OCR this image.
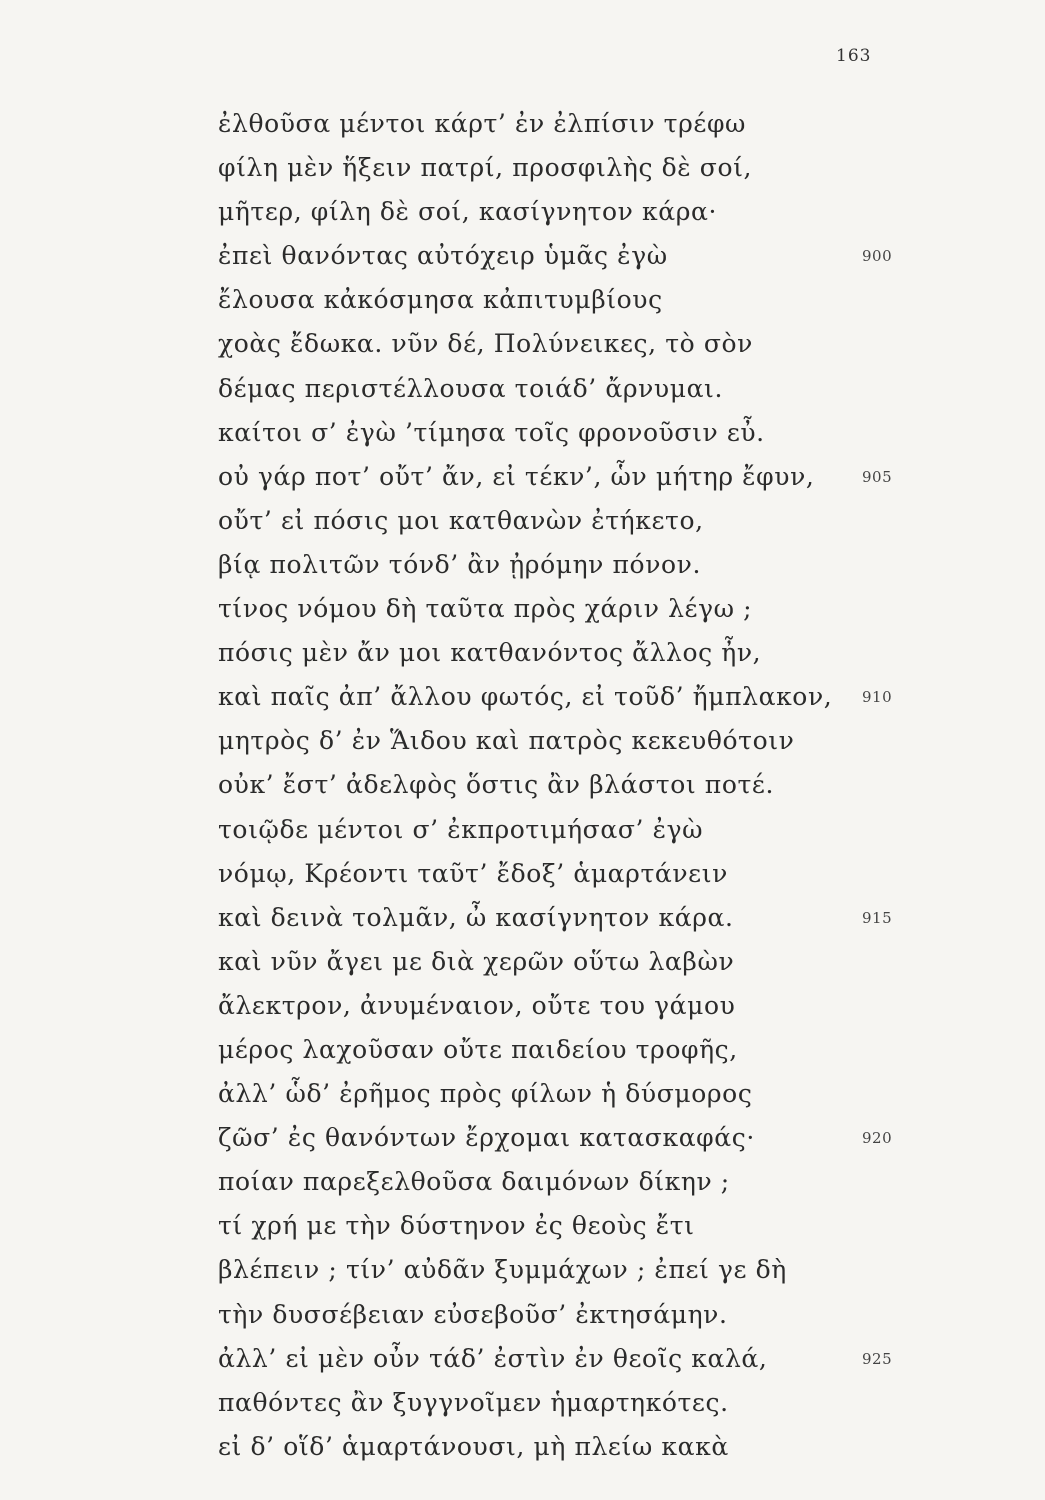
163
ἐλθοῦσα μέντοι κάρτ’ ἐν ἐλπίσιν τρέφω
φίλη μὲν ἥξειν πατρί, προσφιλὴς δὲ σοί,
μῆτερ, φίλη δὲ σοί, κασίγνητον κάρα·
ἐπεὶ θανόντας αὐτόχειρ ὑμᾶς ἐγὼ	900
ἔλουσα κἀκόσμησα κἀπιτυμβίους
χοὰς ἔδωκα. νῦν δέ, Πολύνεικες, τὸ σὸν
δέμας περιστέλλουσα τοιάδ’ ἄρνυμαι.
καίτοι σ’ ἐγὼ ’τίμησα τοῖς φρονοῦσιν εὖ.
οὐ γάρ ποτ’ οὔτ’ ἄν, εἰ τέκν’, ὧν μήτηρ ἔφυν,	905
οὔτ’ εἰ πόσις μοι κατθανὼν ἐτήκετο,
βίᾳ πολιτῶν τόνδ’ ἂν ᾐρόμην πόνον.
τίνος νόμου δὴ ταῦτα πρὸς χάριν λέγω ;
πόσις μὲν ἄν μοι κατθανόντος ἄλλος ἦν,
καὶ παῖς ἀπ’ ἄλλου φωτός, εἰ τοῦδ’ ἤμπλακον, 910
μητρὸς δ’ ἐν Ἅιδου καὶ πατρὸς κεκευθότοιν
οὐκ’ ἔστ’ ἀδελφὸς ὅστις ἂν βλάστοι ποτέ.
τοιῷδε μέντοι σ’ ἐκπροτιμήσασ’ ἐγὼ
νόμῳ, Κρέοντι ταῦτ’ ἔδοξ’ ἁμαρτάνειν
καὶ δεινὰ τολμᾶν, ὦ κασίγνητον κάρα.	915
καὶ νῦν ἄγει με διὰ χερῶν οὕτω λαβὼν
ἄλεκτρον, ἀνυμέναιον, οὔτε του γάμου
μέρος λαχοῦσαν οὔτε παιδείου τροφῆς,
ἀλλ’ ὧδ’ ἐρῆμος πρὸς φίλων ἡ δύσμορος
ζῶσ’ ἐς θανόντων ἔρχομαι κατασκαφάς·	920
ποίαν παρεξελθοῦσα δαιμόνων δίκην ;
τί χρή με τὴν δύστηνον ἐς θεοὺς ἔτι
βλέπειν ; τίν’ αὐδᾶν ξυμμάχων ; ἐπεί γε δὴ
τὴν δυσσέβειαν εὐσεβοῦσ’ ἐκτησάμην.
ἀλλ’ εἰ μὲν οὖν τάδ’ ἐστὶν ἐν θεοῖς καλά,	925
παθόντες ἂν ξυγγνοῖμεν ἡμαρτηκότες.
εἰ δ’ οἵδ’ ἁμαρτάνουσι, μὴ πλείω κακὰ
